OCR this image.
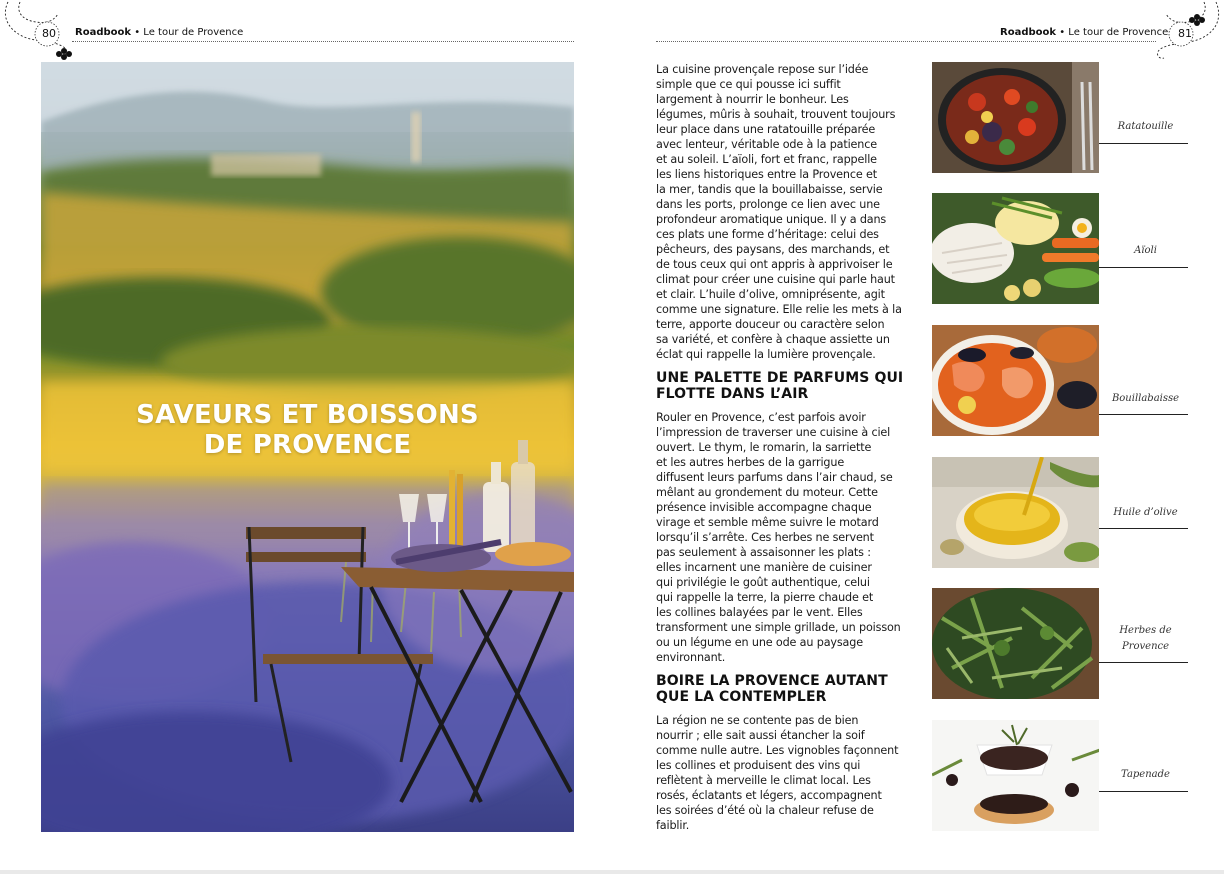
80 Roadbook • Le tour de Provence
SAVEURS ET BOISSONS
DE PROVENCE
Roadbook • Le tour de Provence 81

La cuisine provençale repose sur l’idée
simple que ce qui pousse ici suffit
largement à nourrir le bonheur. Les
légumes, mûris à souhait, trouvent toujours
leur place dans une ratatouille préparée
avec lenteur, véritable ode à la patience
et au soleil. L’aïoli, fort et franc, rappelle
les liens historiques entre la Provence et
la mer, tandis que la bouillabaisse, servie
dans les ports, prolonge ce lien avec une
profondeur aromatique unique. Il y a dans
ces plats une forme d’héritage: celui des
pêcheurs, des paysans, des marchands, et
de tous ceux qui ont appris à apprivoiser le
climat pour créer une cuisine qui parle haut
et clair. L’huile d’olive, omniprésente, agit
comme une signature. Elle relie les mets à la
terre, apporte douceur ou caractère selon
sa variété, et confère à chaque assiette un
éclat qui rappelle la lumière provençale.

UNE PALETTE DE PARFUMS QUI
FLOTTE DANS L’AIR

Rouler en Provence, c’est parfois avoir
l’impression de traverser une cuisine à ciel
ouvert. Le thym, le romarin, la sarriette
et les autres herbes de la garrigue
diffusent leurs parfums dans l’air chaud, se
mêlant au grondement du moteur. Cette
présence invisible accompagne chaque
virage et semble même suivre le motard
lorsqu’il s’arrête. Ces herbes ne servent
pas seulement à assaisonner les plats :
elles incarnent une manière de cuisiner
qui privilégie le goût authentique, celui
qui rappelle la terre, la pierre chaude et
les collines balayées par le vent. Elles
transforment une simple grillade, un poisson
ou un légume en une ode au paysage
environnant.

BOIRE LA PROVENCE AUTANT
QUE LA CONTEMPLER

La région ne se contente pas de bien
nourrir ; elle sait aussi étancher la soif
comme nulle autre. Les vignobles façonnent
les collines et produisent des vins qui
reflètent à merveille le climat local. Les
rosés, éclatants et légers, accompagnent
les soirées d’été où la chaleur refuse de
faiblir.

Ratatouille
Aïoli
Bouillabaisse
Huile d’olive
Herbes de
Provence
Tapenade
